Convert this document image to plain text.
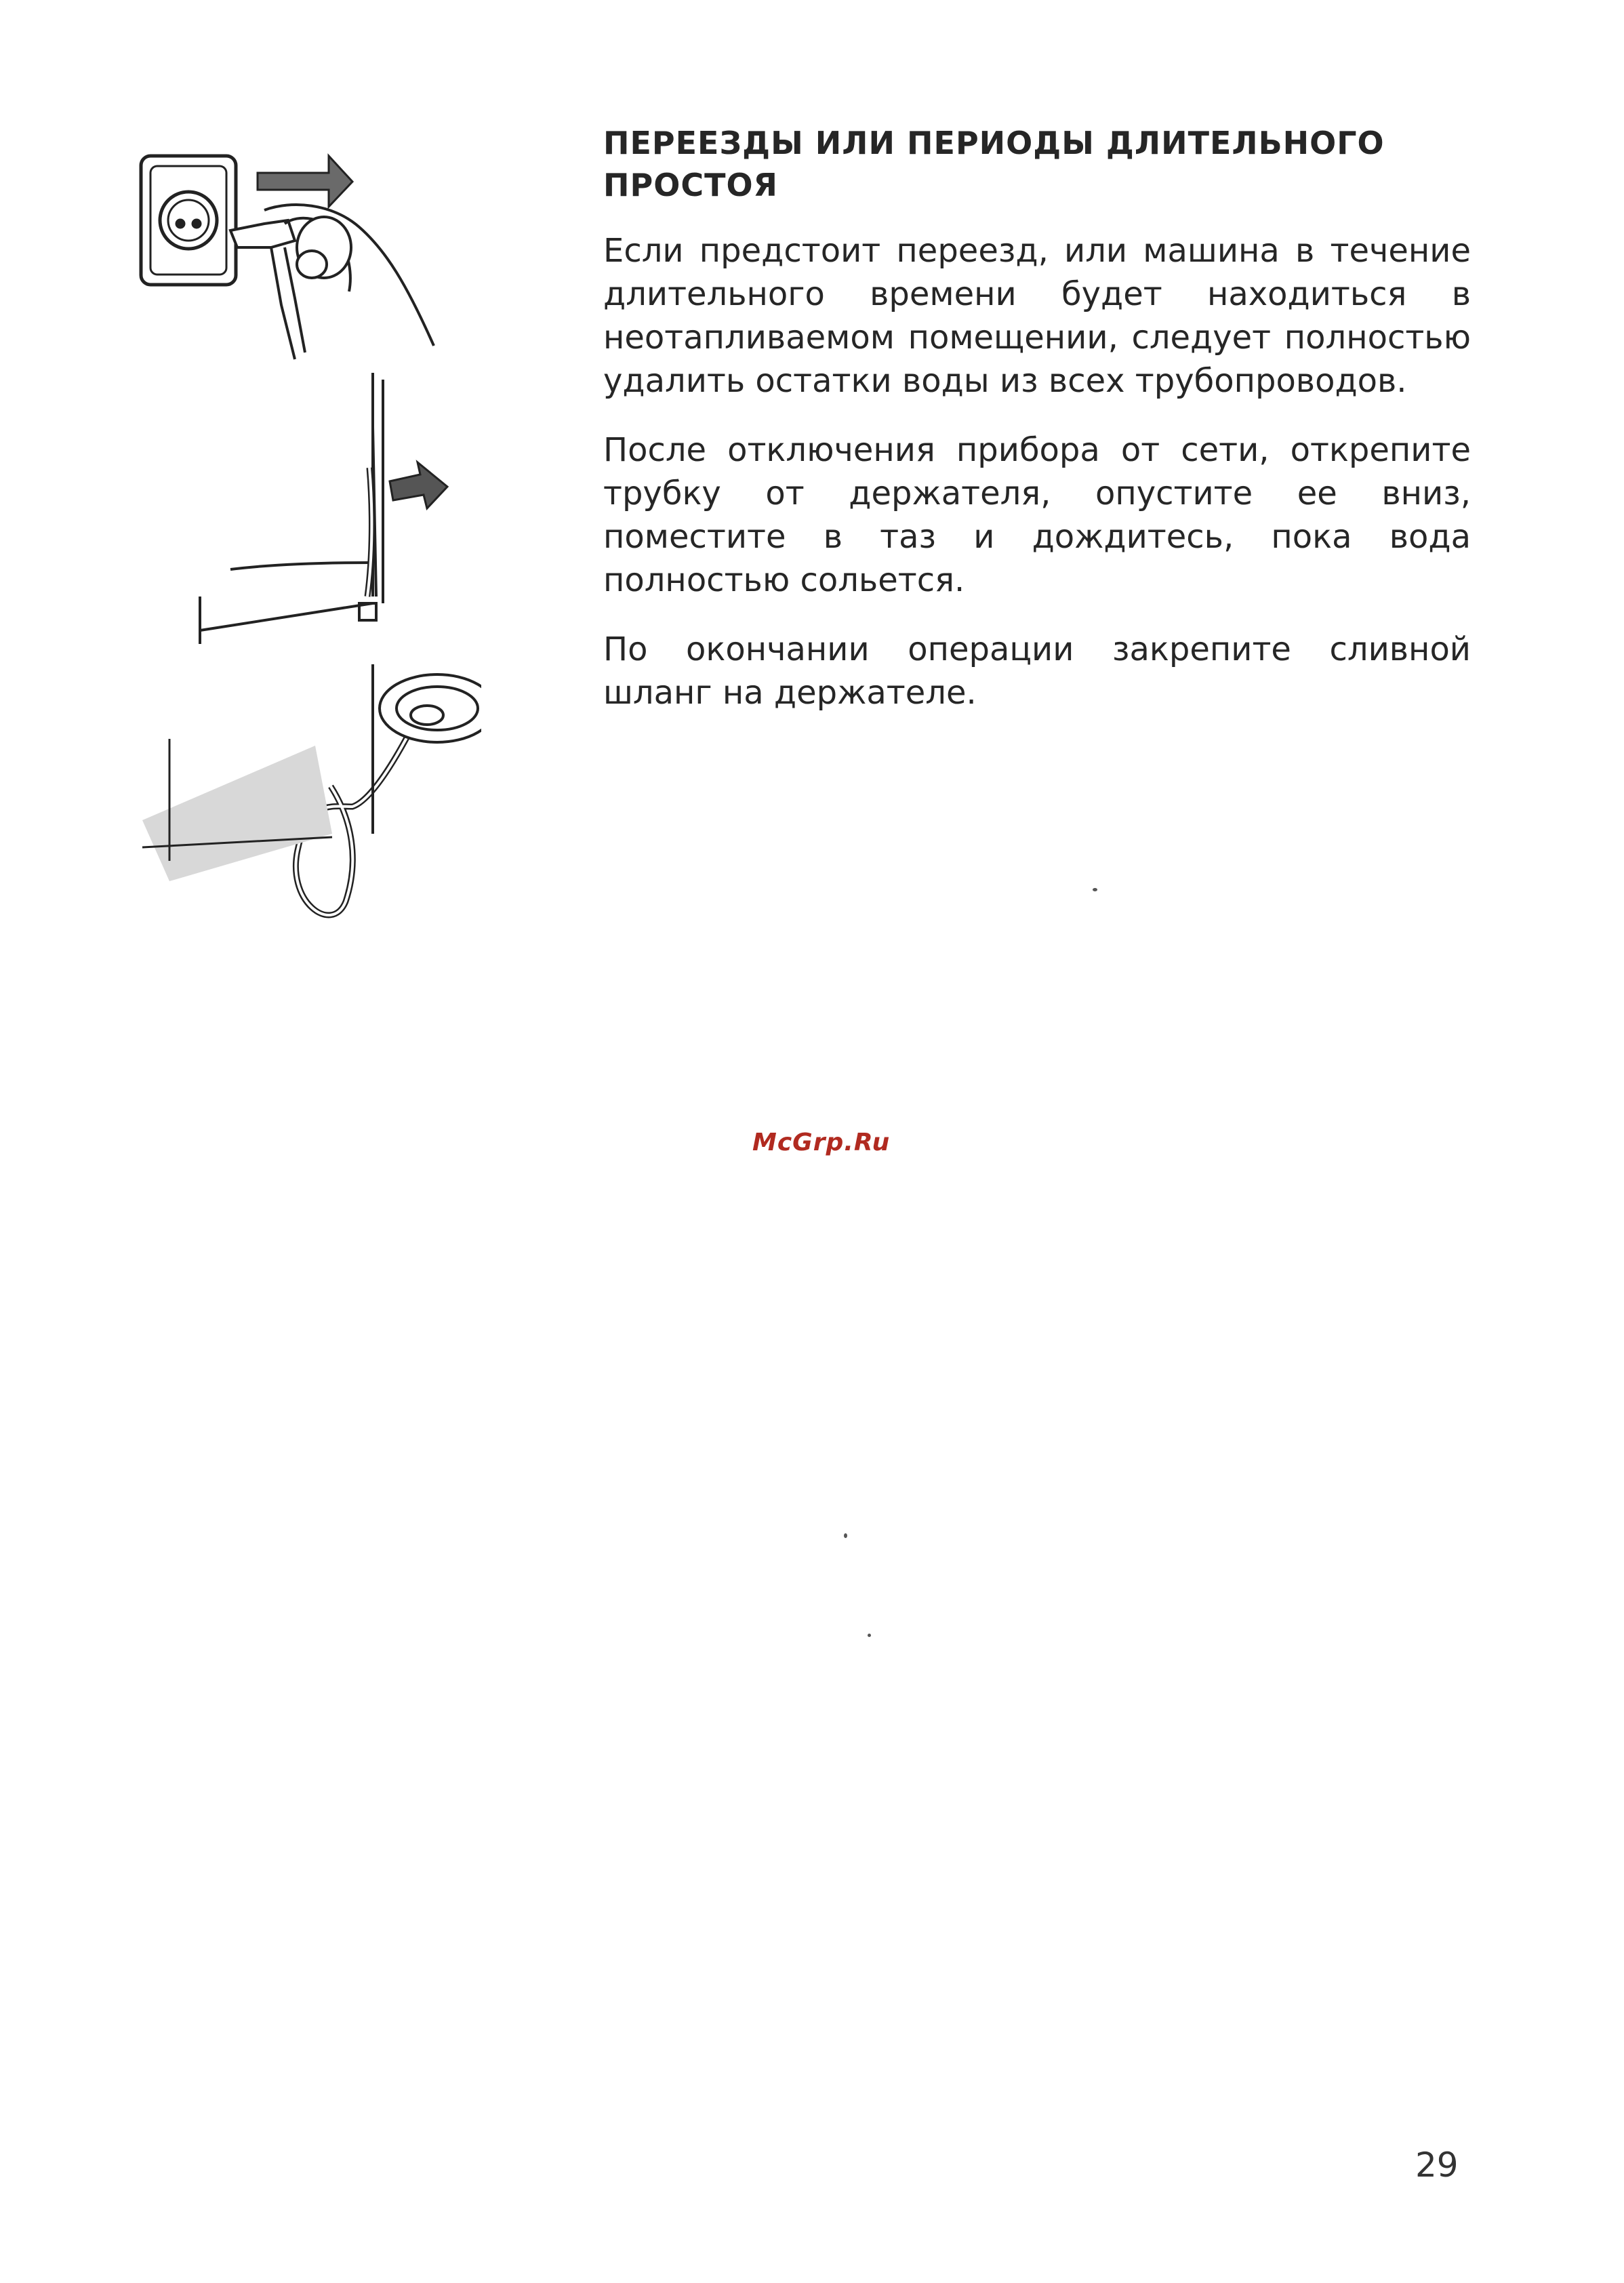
ПЕРЕЕЗДЫ ИЛИ ПЕРИОДЫ ДЛИТЕЛЬНОГО ПРОСТОЯ

Если предстоит переезд, или машина в течение длительного времени будет находиться в неотапливаемом помещении, следует полностью удалить остатки воды из всех трубопроводов.

После отключения прибора от сети, открепите трубку от держателя, опустите ее вниз, поместите в таз и дождитесь, пока вода полностью сольется.

По окончании операции закрепите сливной шланг на держателе.

McGrp.Ru
29
